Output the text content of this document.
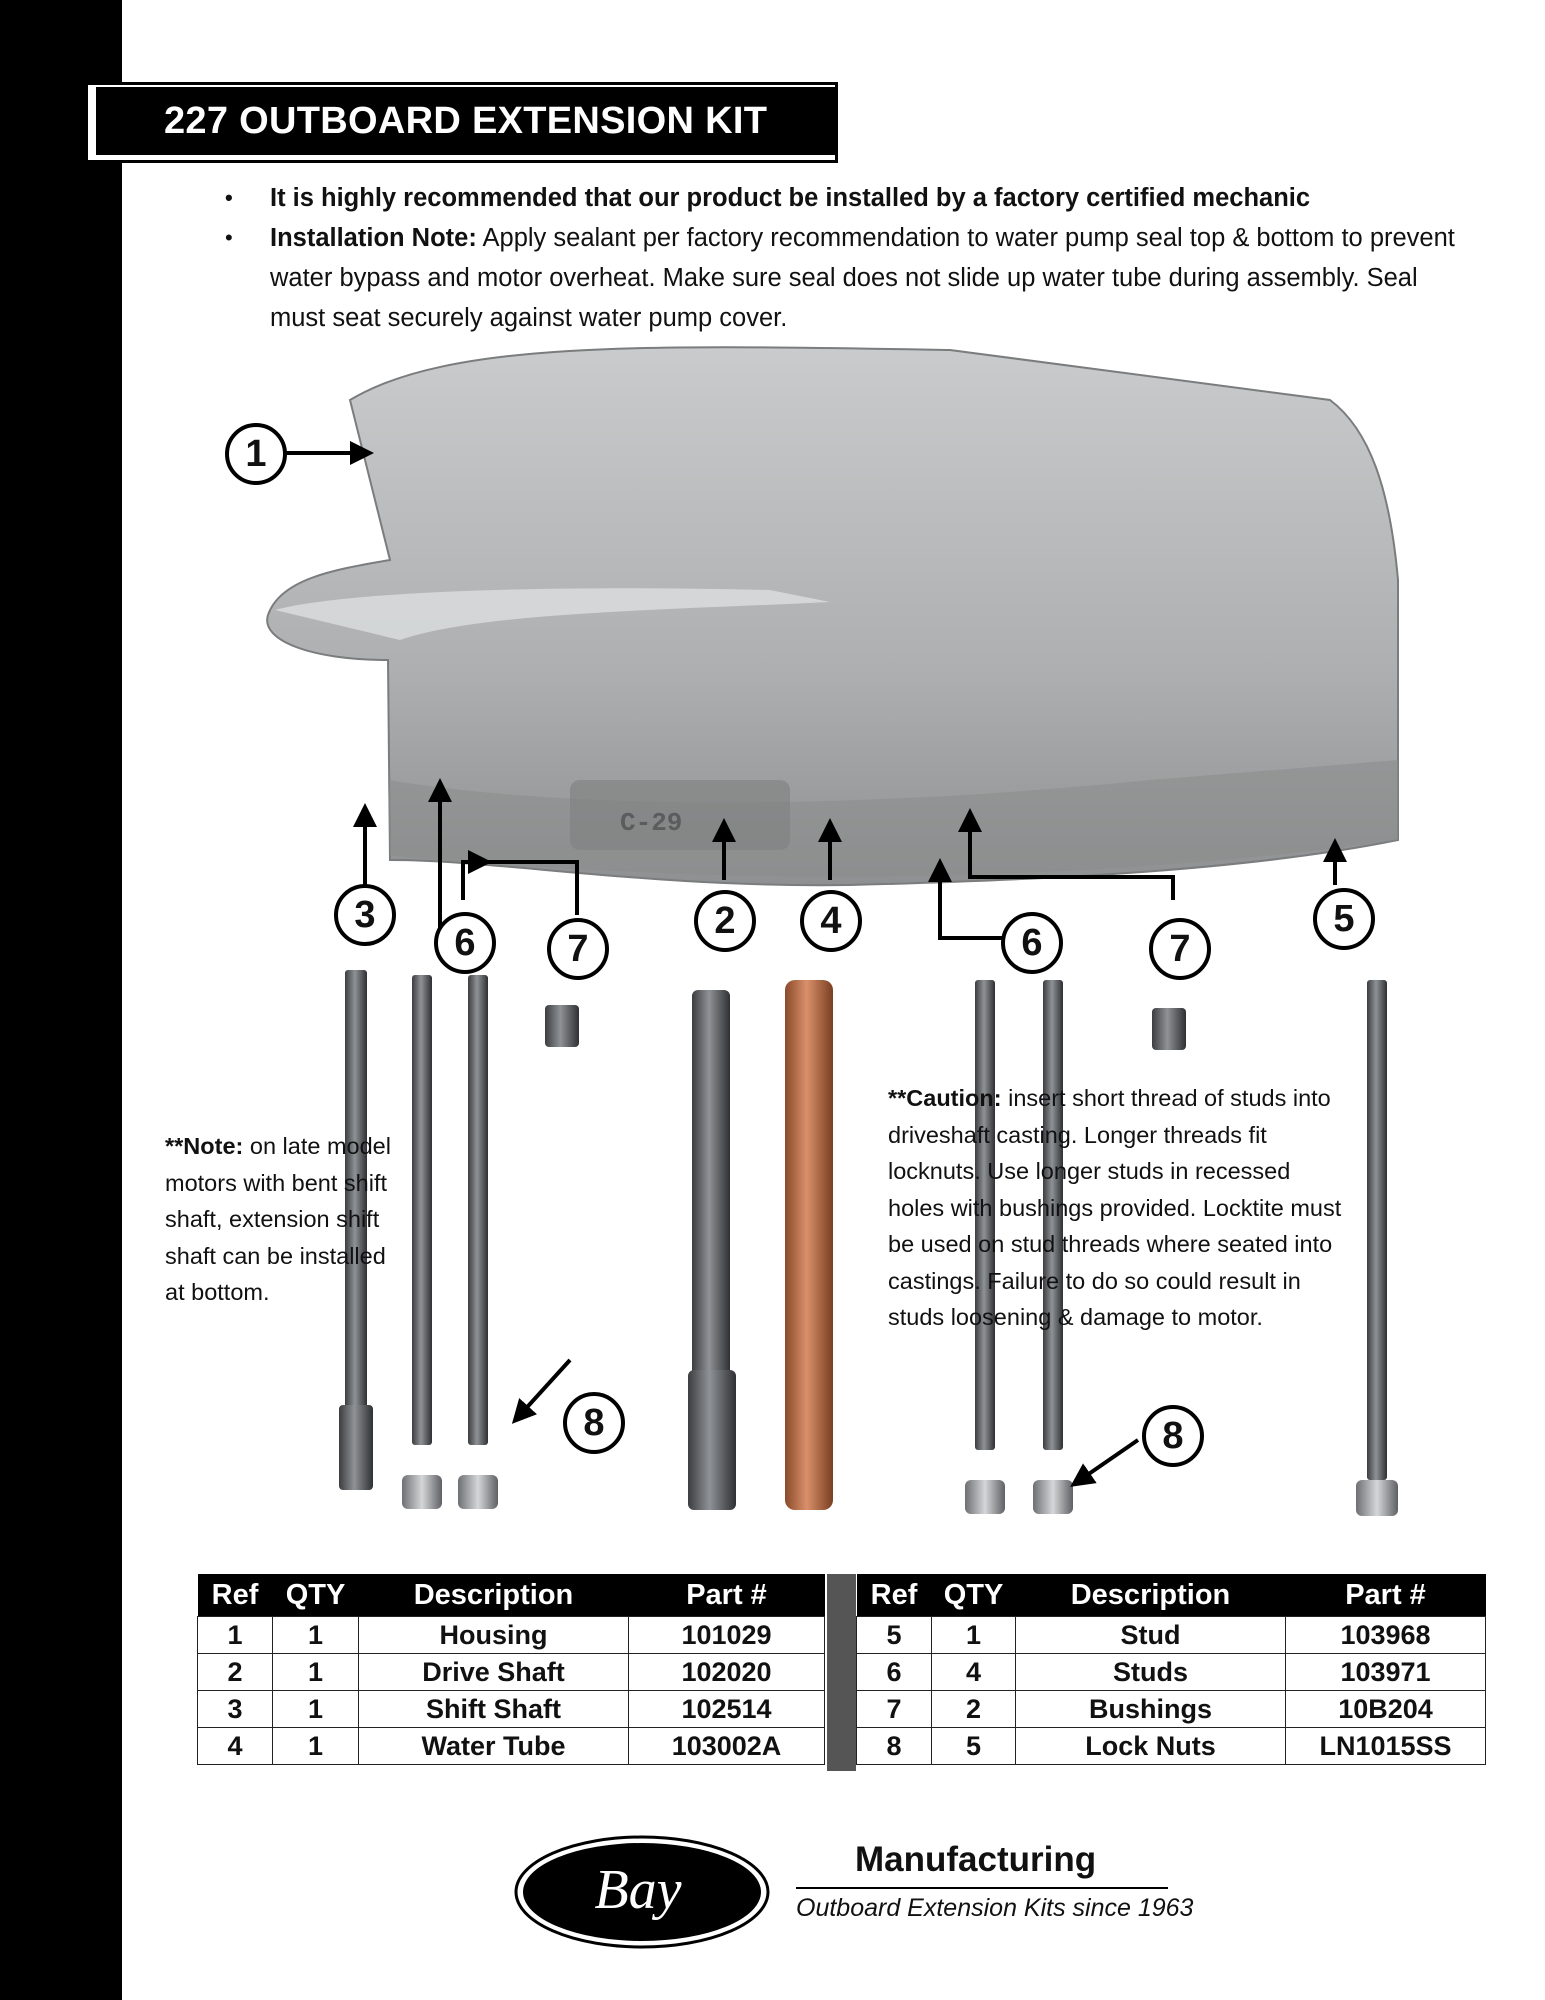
227 OUTBOARD EXTENSION KIT
• It is highly recommended that our product be installed by a factory certified mechanic
• Installation Note: Apply sealant per factory recommendation to water pump seal top & bottom to prevent water bypass and motor overheat. Make sure seal does not slide up water tube during assembly. Seal must seat securely against water pump cover.
C-29
1
2
3	4	5
6	6
7	7
8	8
**Note: on late model motors with bent shift shaft, extension shift shaft can be installed at bottom.
**Caution: insert short thread of studs into driveshaft casting. Longer threads fit locknuts. Use longer studs in recessed holes with bushings provided. Locktite must be used on stud threads where seated into castings. Failure to do so could result in studs loosening & damage to motor.
Ref	QTY	Description	Part #
1	1	Housing	101029
2	1	Drive Shaft	102020
3	1	Shift Shaft	102514
4	1	Water Tube	103002A
Ref	QTY	Description	Part #
5	1	Stud	103968
6	4	Studs	103971
7	2	Bushings	10B204
8	5	Lock Nuts	LN1015SS
Bay	Manufacturing
Outboard Extension Kits since 1963
